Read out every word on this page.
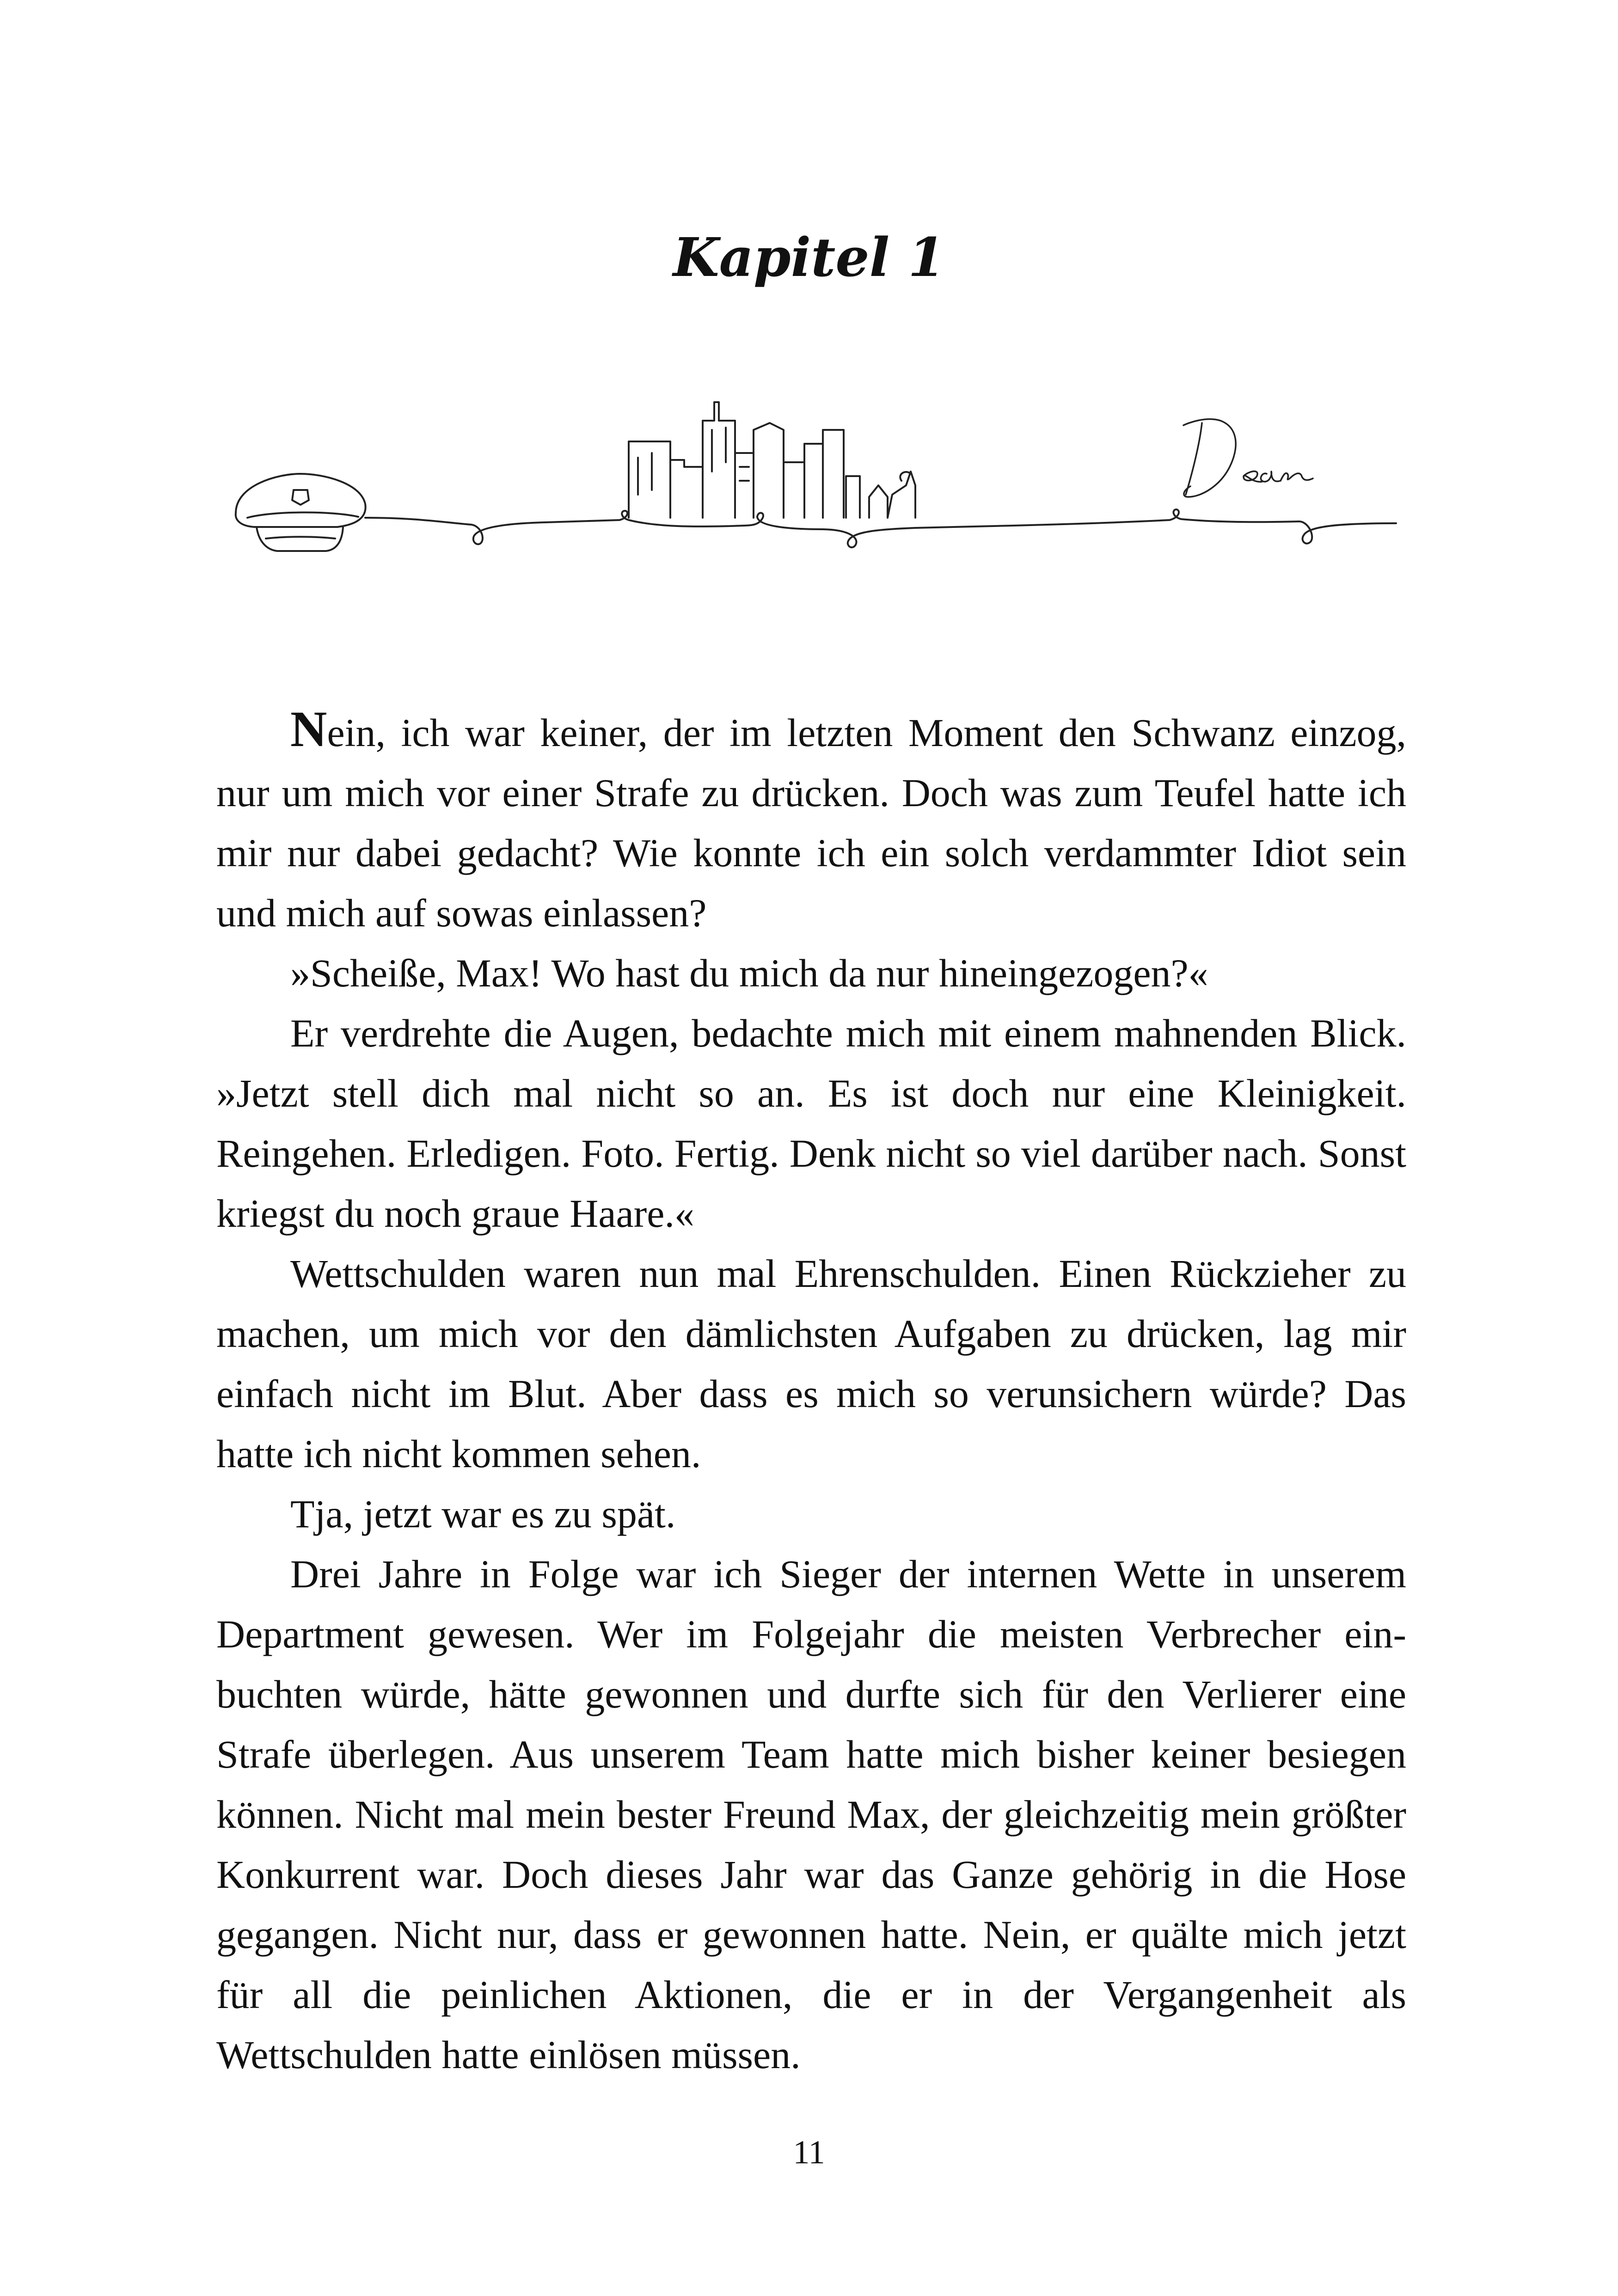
Kapitel 1

Nein, ich war keiner, der im letzten Moment den Schwanz einzog, nur um mich vor einer Strafe zu drücken. Doch was zum Teufel hatte ich mir nur dabei gedacht? Wie konnte ich ein solch verdammter Idiot sein und mich auf sowas einlassen?

»Scheiße, Max! Wo hast du mich da nur hineingezogen?«

Er verdrehte die Augen, bedachte mich mit einem mahnenden Blick. »Jetzt stell dich mal nicht so an. Es ist doch nur eine Kleinigkeit. Reingehen. Erledigen. Foto. Fertig. Denk nicht so viel darüber nach. Sonst kriegst du noch graue Haare.«

Wettschulden waren nun mal Ehrenschulden. Einen Rückzieher zu machen, um mich vor den dämlichsten Aufgaben zu drücken, lag mir einfach nicht im Blut. Aber dass es mich so verunsichern würde? Das hatte ich nicht kommen sehen.

Tja, jetzt war es zu spät.

Drei Jahre in Folge war ich Sieger der internen Wette in unserem Department gewesen. Wer im Folgejahr die meisten Verbrecher ein-buchten würde, hätte gewonnen und durfte sich für den Verlierer eine Strafe überlegen. Aus unserem Team hatte mich bisher keiner besiegen können. Nicht mal mein bester Freund Max, der gleichzeitig mein größter Konkurrent war. Doch dieses Jahr war das Ganze gehörig in die Hose gegangen. Nicht nur, dass er gewonnen hatte. Nein, er quälte mich jetzt für all die peinlichen Aktionen, die er in der Vergangenheit als Wettschulden hatte einlösen müssen.

11
